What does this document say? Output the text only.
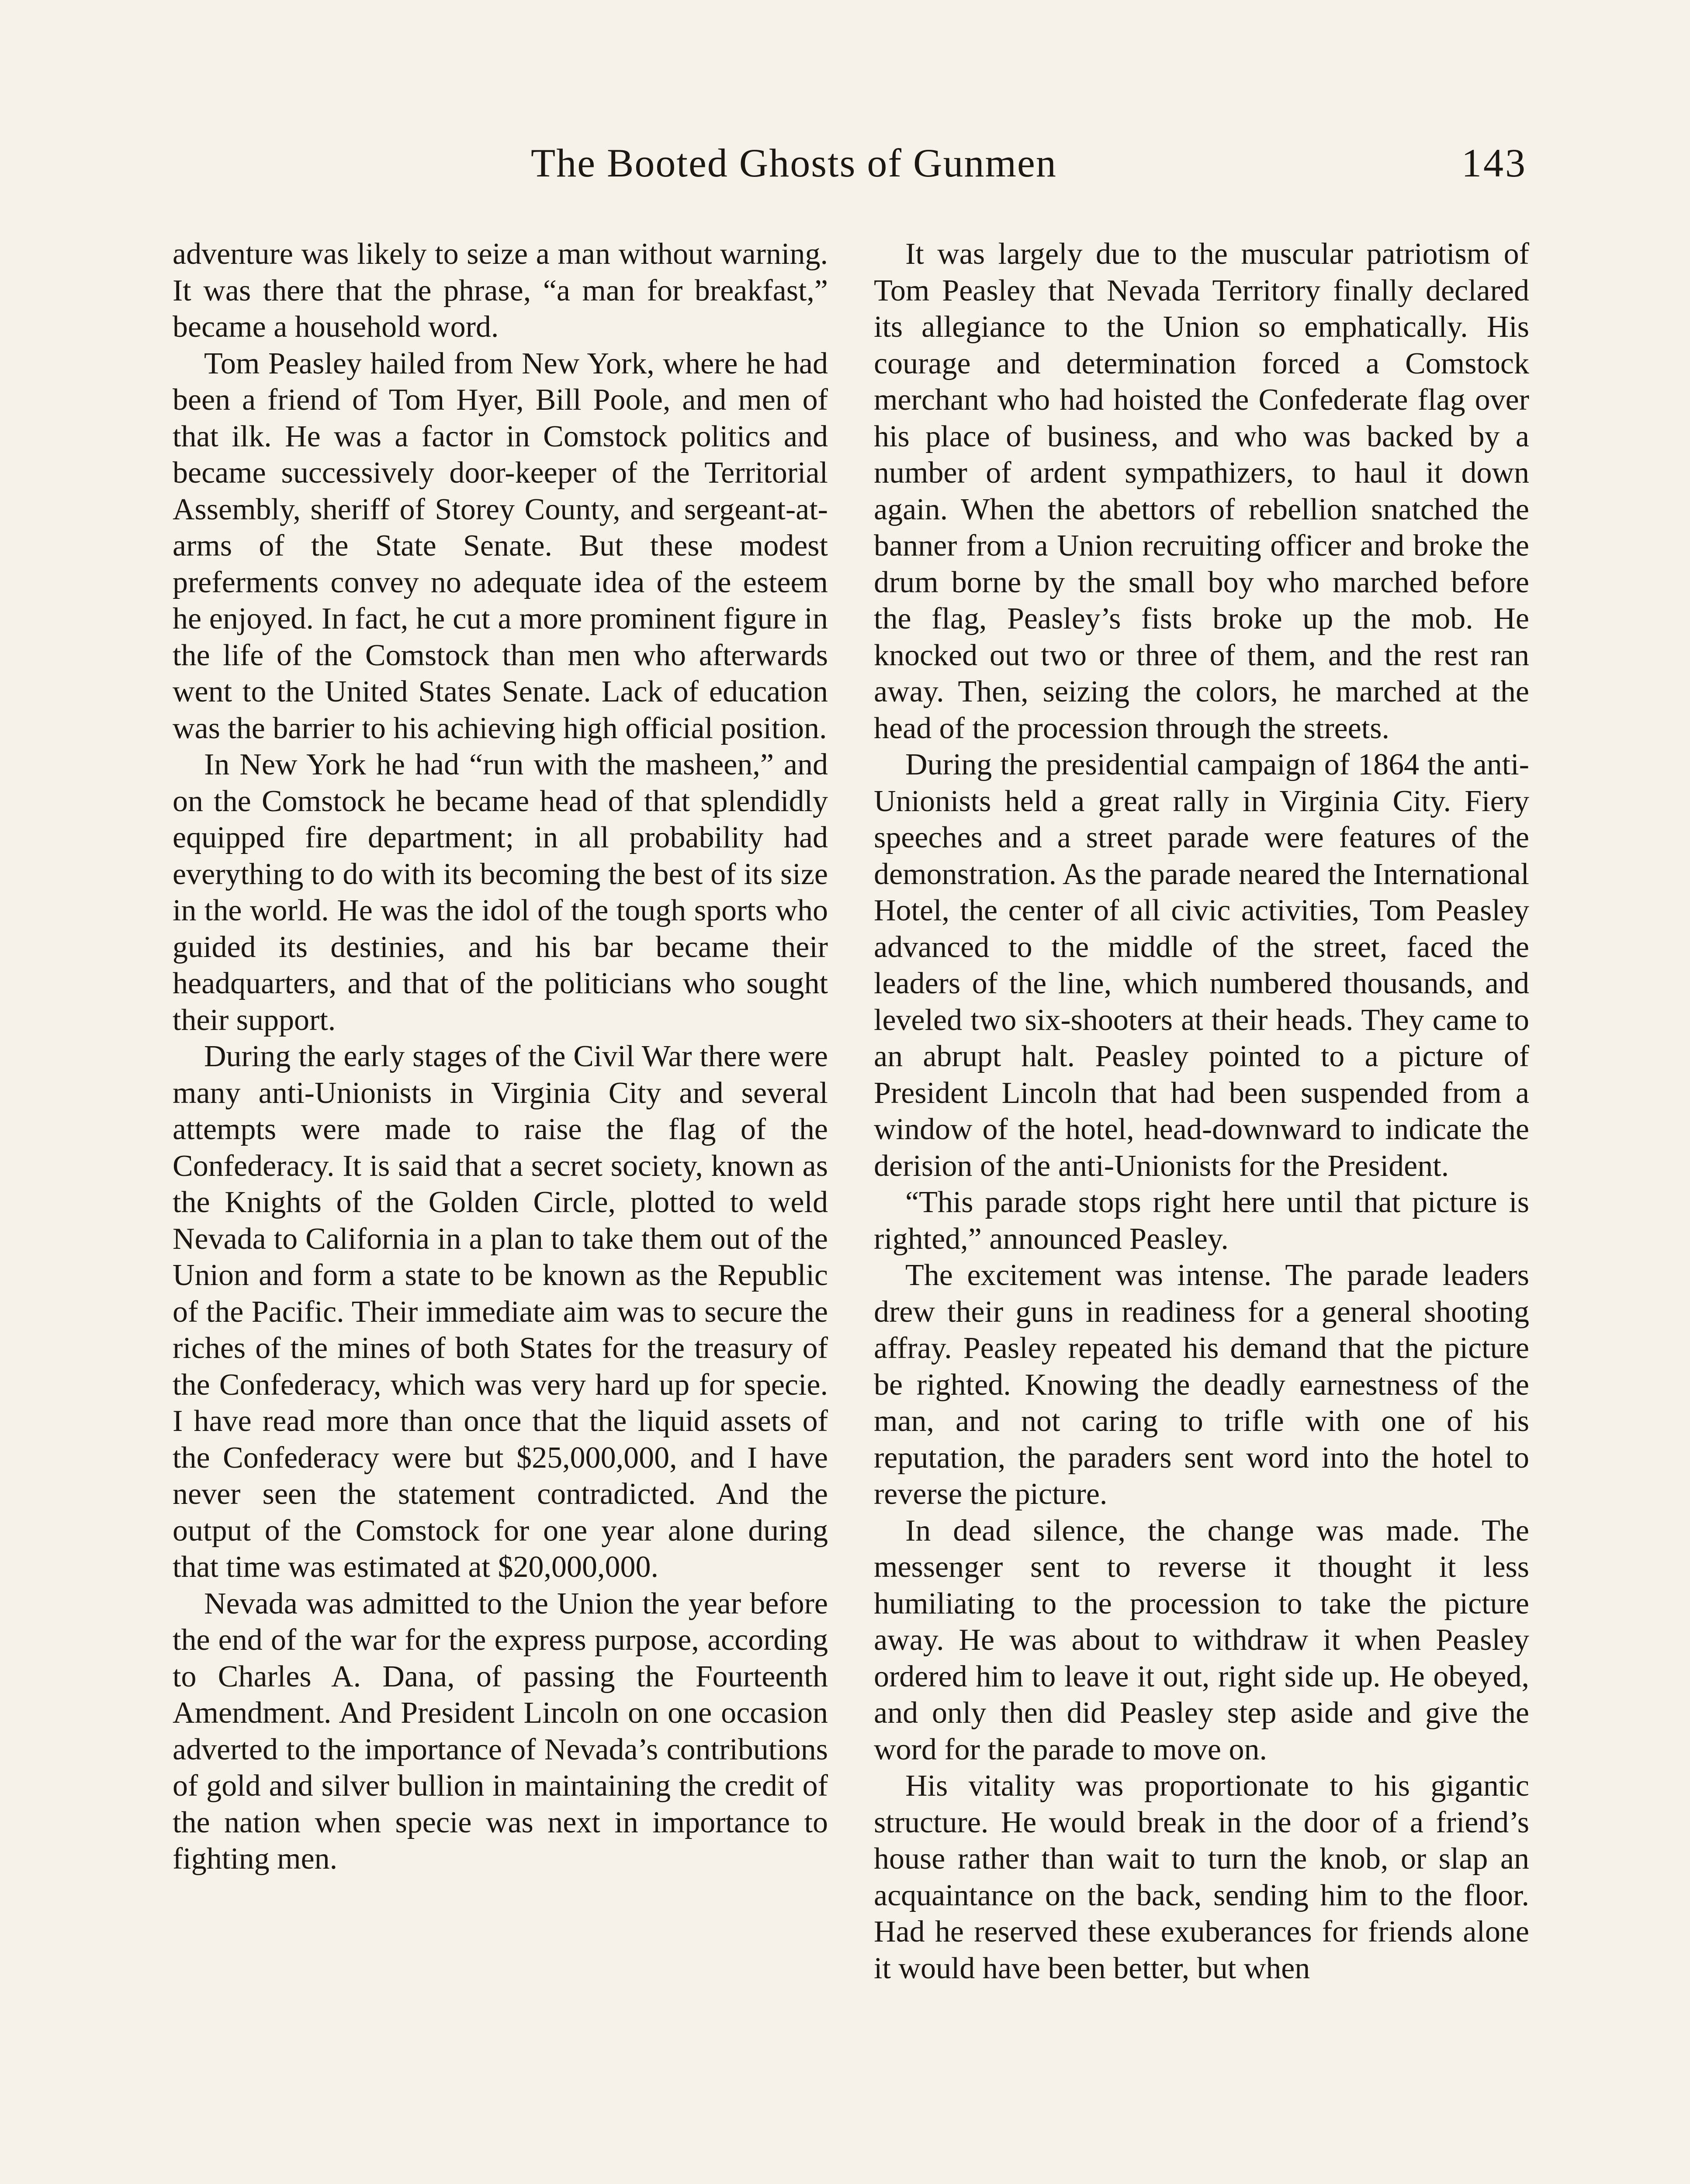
The Booted Ghosts of Gunmen	143

adventure was likely to seize a man without warning. It was there that the phrase, “a man for breakfast,” became a household word.

Tom Peasley hailed from New York, where he had been a friend of Tom Hyer, Bill Poole, and men of that ilk. He was a factor in Comstock politics and became successively door-keeper of the Territorial Assembly, sheriff of Storey County, and sergeant-at-arms of the State Senate. But these modest preferments convey no adequate idea of the esteem he enjoyed. In fact, he cut a more prominent figure in the life of the Comstock than men who afterwards went to the United States Senate. Lack of education was the barrier to his achieving high official position.

In New York he had “run with the masheen,” and on the Comstock he became head of that splendidly equipped fire department; in all probability had everything to do with its becoming the best of its size in the world. He was the idol of the tough sports who guided its destinies, and his bar became their headquarters, and that of the politicians who sought their support.

During the early stages of the Civil War there were many anti-Unionists in Virginia City and several attempts were made to raise the flag of the Confederacy. It is said that a secret society, known as the Knights of the Golden Circle, plotted to weld Nevada to California in a plan to take them out of the Union and form a state to be known as the Republic of the Pacific. Their immediate aim was to secure the riches of the mines of both States for the treasury of the Confederacy, which was very hard up for specie. I have read more than once that the liquid assets of the Confederacy were but $25,000,000, and I have never seen the statement contradicted. And the output of the Comstock for one year alone during that time was estimated at $20,000,000.

Nevada was admitted to the Union the year before the end of the war for the express purpose, according to Charles A. Dana, of passing the Fourteenth Amendment. And President Lincoln on one occasion adverted to the importance of Nevada’s contributions of gold and silver bullion in maintaining the credit of the nation when specie was next in importance to fighting men.

It was largely due to the muscular patriotism of Tom Peasley that Nevada Territory finally declared its allegiance to the Union so emphatically. His courage and determination forced a Comstock merchant who had hoisted the Confederate flag over his place of business, and who was backed by a number of ardent sympathizers, to haul it down again. When the abettors of rebellion snatched the banner from a Union recruiting officer and broke the drum borne by the small boy who marched before the flag, Peasley’s fists broke up the mob. He knocked out two or three of them, and the rest ran away. Then, seizing the colors, he marched at the head of the procession through the streets.

During the presidential campaign of 1864 the anti-Unionists held a great rally in Virginia City. Fiery speeches and a street parade were features of the demonstration. As the parade neared the International Hotel, the center of all civic activities, Tom Peasley advanced to the middle of the street, faced the leaders of the line, which numbered thousands, and leveled two six-shooters at their heads. They came to an abrupt halt. Peasley pointed to a picture of President Lincoln that had been suspended from a window of the hotel, head-downward to indicate the derision of the anti-Unionists for the President.

“This parade stops right here until that picture is righted,” announced Peasley.

The excitement was intense. The parade leaders drew their guns in readiness for a general shooting affray. Peasley repeated his demand that the picture be righted. Knowing the deadly earnestness of the man, and not caring to trifle with one of his reputation, the paraders sent word into the hotel to reverse the picture.

In dead silence, the change was made. The messenger sent to reverse it thought it less humiliating to the procession to take the picture away. He was about to withdraw it when Peasley ordered him to leave it out, right side up. He obeyed, and only then did Peasley step aside and give the word for the parade to move on.

His vitality was proportionate to his gigantic structure. He would break in the door of a friend’s house rather than wait to turn the knob, or slap an acquaintance on the back, sending him to the floor. Had he reserved these exuberances for friends alone it would have been better, but when
